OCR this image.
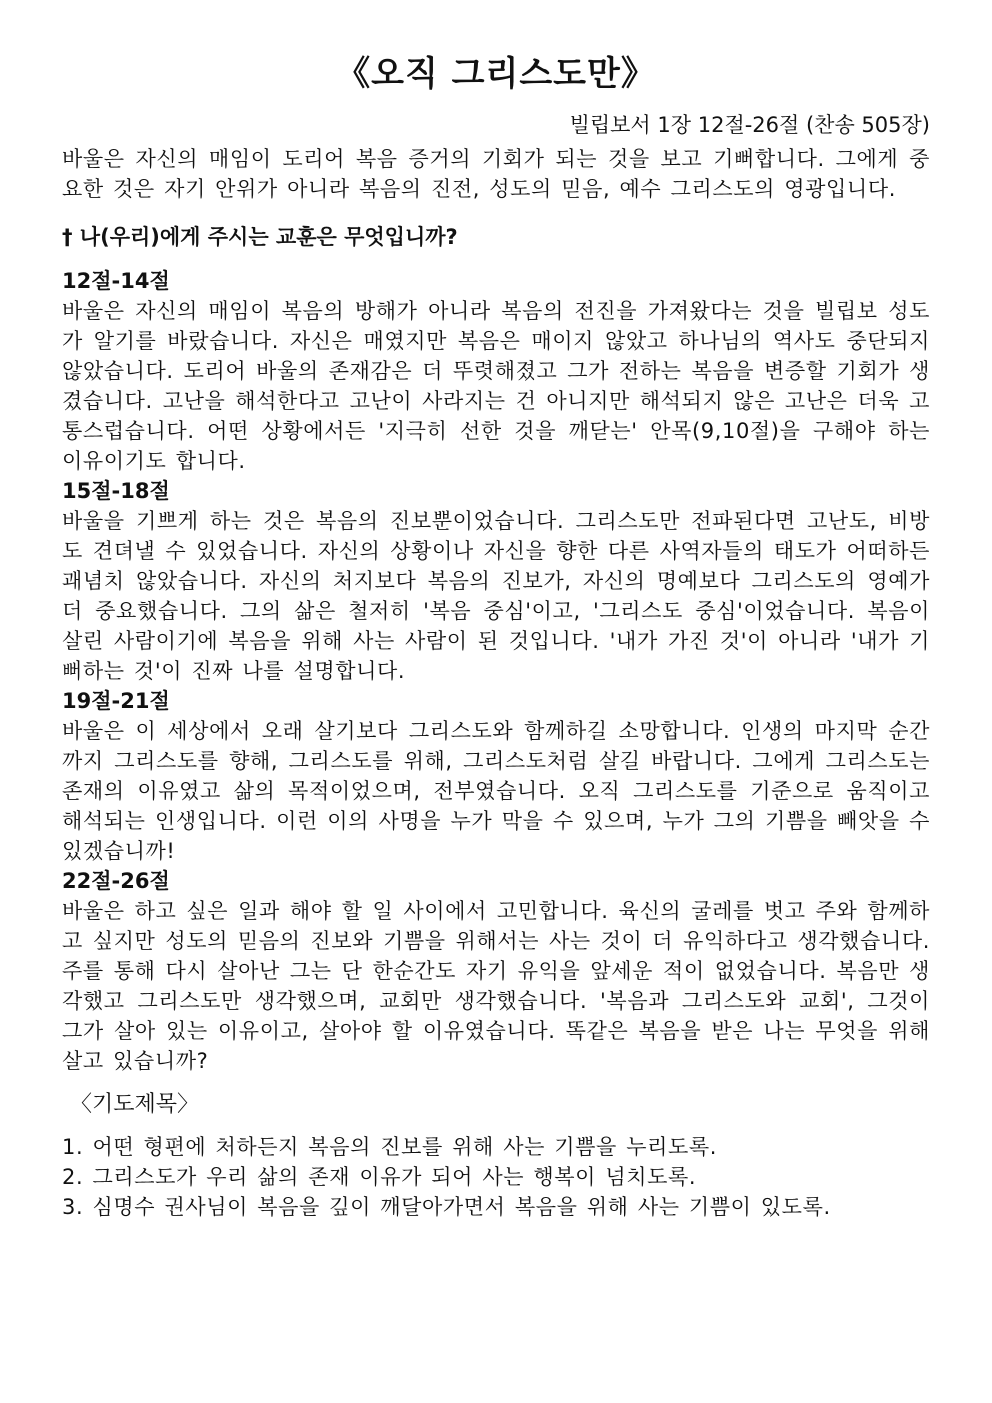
《오직 그리스도만》
빌립보서 1장 12절-26절 (찬송 505장)

바울은 자신의 매임이 도리어 복음 증거의 기회가 되는 것을 보고 기뻐합니다. 그에게 중요한 것은 자기 안위가 아니라 복음의 진전, 성도의 믿음, 예수 그리스도의 영광입니다.

† 나(우리)에게 주시는 교훈은 무엇입니까?
12절-14절

바울은 자신의 매임이 복음의 방해가 아니라 복음의 전진을 가져왔다는 것을 빌립보 성도가 알기를 바랐습니다. 자신은 매였지만 복음은 매이지 않았고 하나님의 역사도 중단되지 않았습니다. 도리어 바울의 존재감은 더 뚜렷해졌고 그가 전하는 복음을 변증할 기회가 생겼습니다. 고난을 해석한다고 고난이 사라지는 건 아니지만 해석되지 않은 고난은 더욱 고통스럽습니다. 어떤 상황에서든 '지극히 선한 것을 깨닫는' 안목(9,10절)을 구해야 하는 이유이기도 합니다.

15절-18절

바울을 기쁘게 하는 것은 복음의 진보뿐이었습니다. 그리스도만 전파된다면 고난도, 비방도 견뎌낼 수 있었습니다. 자신의 상황이나 자신을 향한 다른 사역자들의 태도가 어떠하든 괘념치 않았습니다. 자신의 처지보다 복음의 진보가, 자신의 명예보다 그리스도의 영예가 더 중요했습니다. 그의 삶은 철저히 '복음 중심'이고, '그리스도 중심'이었습니다. 복음이 살린 사람이기에 복음을 위해 사는 사람이 된 것입니다. '내가 가진 것'이 아니라 '내가 기뻐하는 것'이 진짜 나를 설명합니다.

19절-21절

바울은 이 세상에서 오래 살기보다 그리스도와 함께하길 소망합니다. 인생의 마지막 순간까지 그리스도를 향해, 그리스도를 위해, 그리스도처럼 살길 바랍니다. 그에게 그리스도는 존재의 이유였고 삶의 목적이었으며, 전부였습니다. 오직 그리스도를 기준으로 움직이고 해석되는 인생입니다. 이런 이의 사명을 누가 막을 수 있으며, 누가 그의 기쁨을 빼앗을 수 있겠습니까!

22절-26절

바울은 하고 싶은 일과 해야 할 일 사이에서 고민합니다. 육신의 굴레를 벗고 주와 함께하고 싶지만 성도의 믿음의 진보와 기쁨을 위해서는 사는 것이 더 유익하다고 생각했습니다. 주를 통해 다시 살아난 그는 단 한순간도 자기 유익을 앞세운 적이 없었습니다. 복음만 생각했고 그리스도만 생각했으며, 교회만 생각했습니다. '복음과 그리스도와 교회', 그것이 그가 살아 있는 이유이고, 살아야 할 이유였습니다. 똑같은 복음을 받은 나는 무엇을 위해 살고 있습니까?

〈기도제목〉
1. 어떤 형편에 처하든지 복음의 진보를 위해 사는 기쁨을 누리도록.
2. 그리스도가 우리 삶의 존재 이유가 되어 사는 행복이 넘치도록.
3. 심명수 권사님이 복음을 깊이 깨달아가면서 복음을 위해 사는 기쁨이 있도록.
